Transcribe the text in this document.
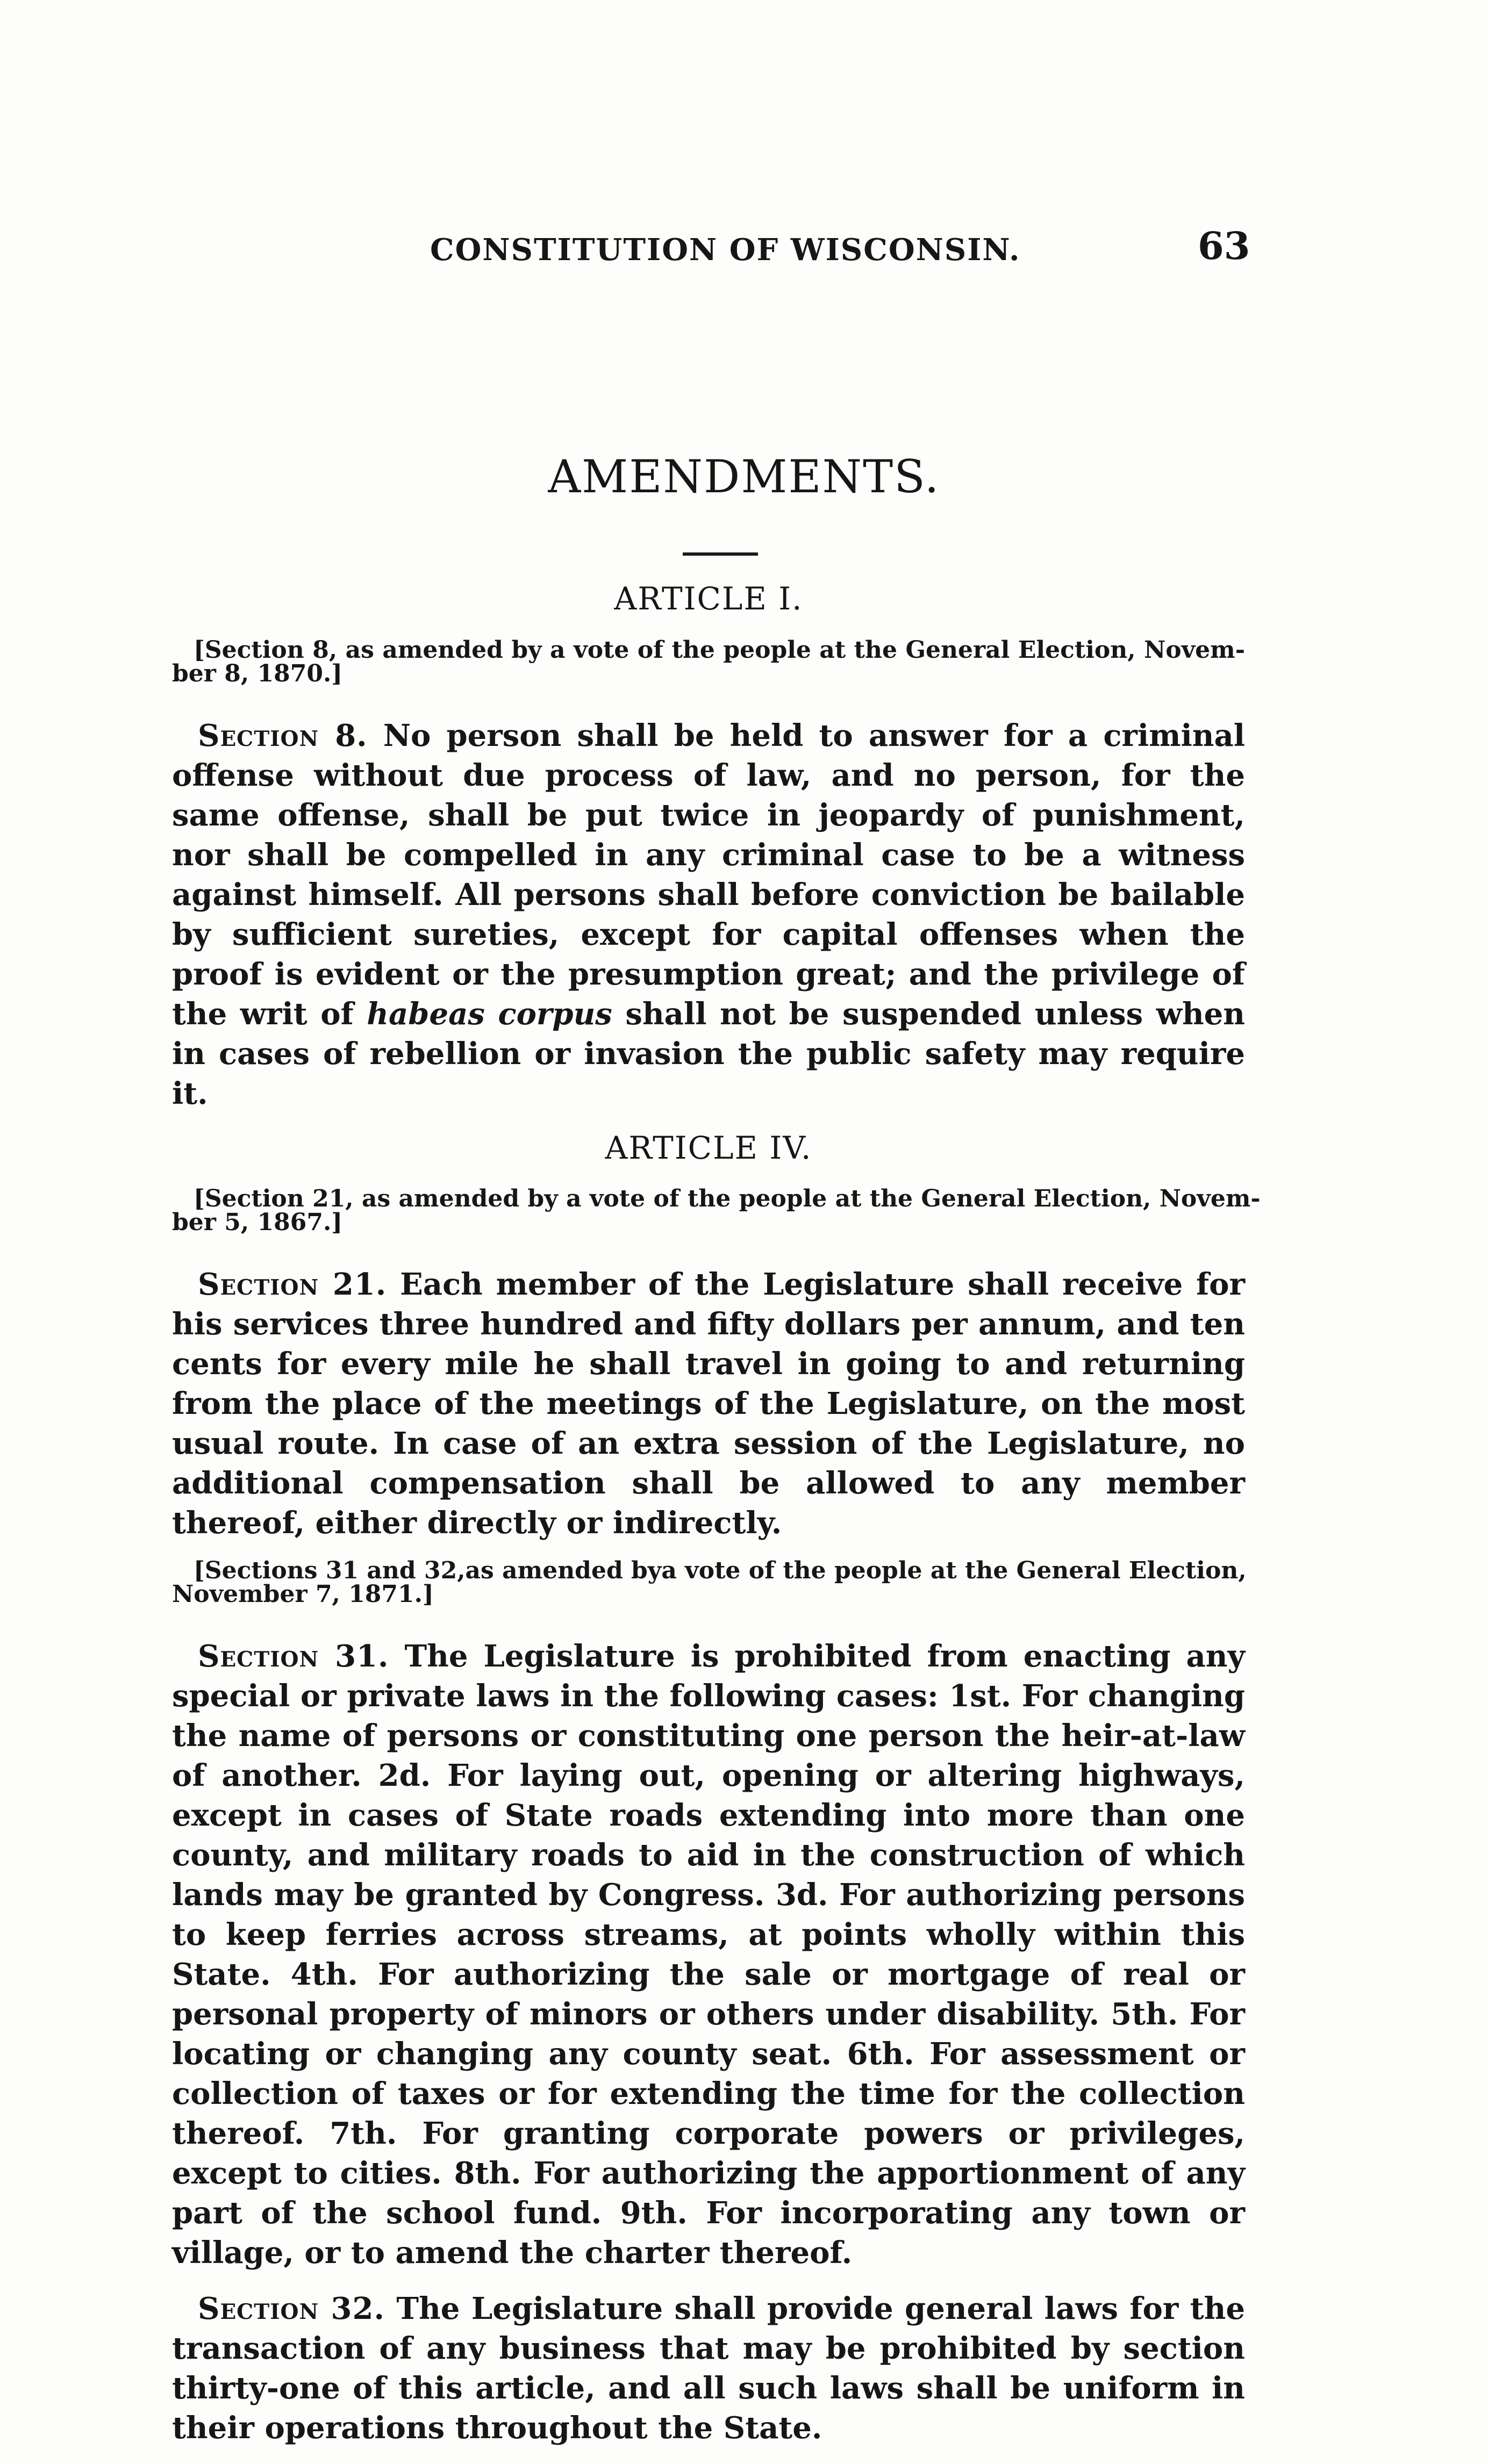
CONSTITUTION OF WISCONSIN.	63
AMENDMENTS.
ARTICLE I.
[Section 8, as amended by a vote of the people at the General Election, Novem-
ber 8, 1870.]

Section 8. No person shall be held to answer for a criminal offense without due process of law, and no person, for the same offense, shall be put twice in jeopardy of punishment, nor shall be compelled in any criminal case to be a witness against himself. All persons shall before conviction be bailable by sufficient sureties, except for capital offenses when the proof is evident or the presumption great; and the privilege of the writ of habeas corpus shall not be suspended unless when in cases of rebellion or invasion the public safety may require it.

ARTICLE IV.
[Section 21, as amended by a vote of the people at the General Election, Novem-
ber 5, 1867.]

Section 21. Each member of the Legislature shall receive for his services three hundred and fifty dollars per annum, and ten cents for every mile he shall travel in going to and returning from the place of the meetings of the Legislature, on the most usual route. In case of an extra session of the Legislature, no additional compensation shall be allowed to any member thereof, either directly or indirectly.

[Sections 31 and 32,as amended bya vote of the people at the General Election,
November 7, 1871.]

Section 31. The Legislature is prohibited from enacting any special or private laws in the following cases: 1st. For changing the name of persons or constituting one person the heir-at-law of another. 2d. For laying out, opening or altering highways, except in cases of State roads extending into more than one county, and military roads to aid in the construction of which lands may be granted by Congress. 3d. For authorizing persons to keep ferries across streams, at points wholly within this State. 4th. For authorizing the sale or mortgage of real or personal property of minors or others under disability. 5th. For locating or changing any county seat. 6th. For assessment or collection of taxes or for extending the time for the collection thereof. 7th. For granting corporate powers or privileges, except to cities. 8th. For authorizing the apportionment of any part of the school fund. 9th. For incorporating any town or village, or to amend the charter thereof.

Section 32. The Legislature shall provide general laws for the transaction of any business that may be prohibited by section thirty-one of this article, and all such laws shall be uniform in their operations throughout the State.
